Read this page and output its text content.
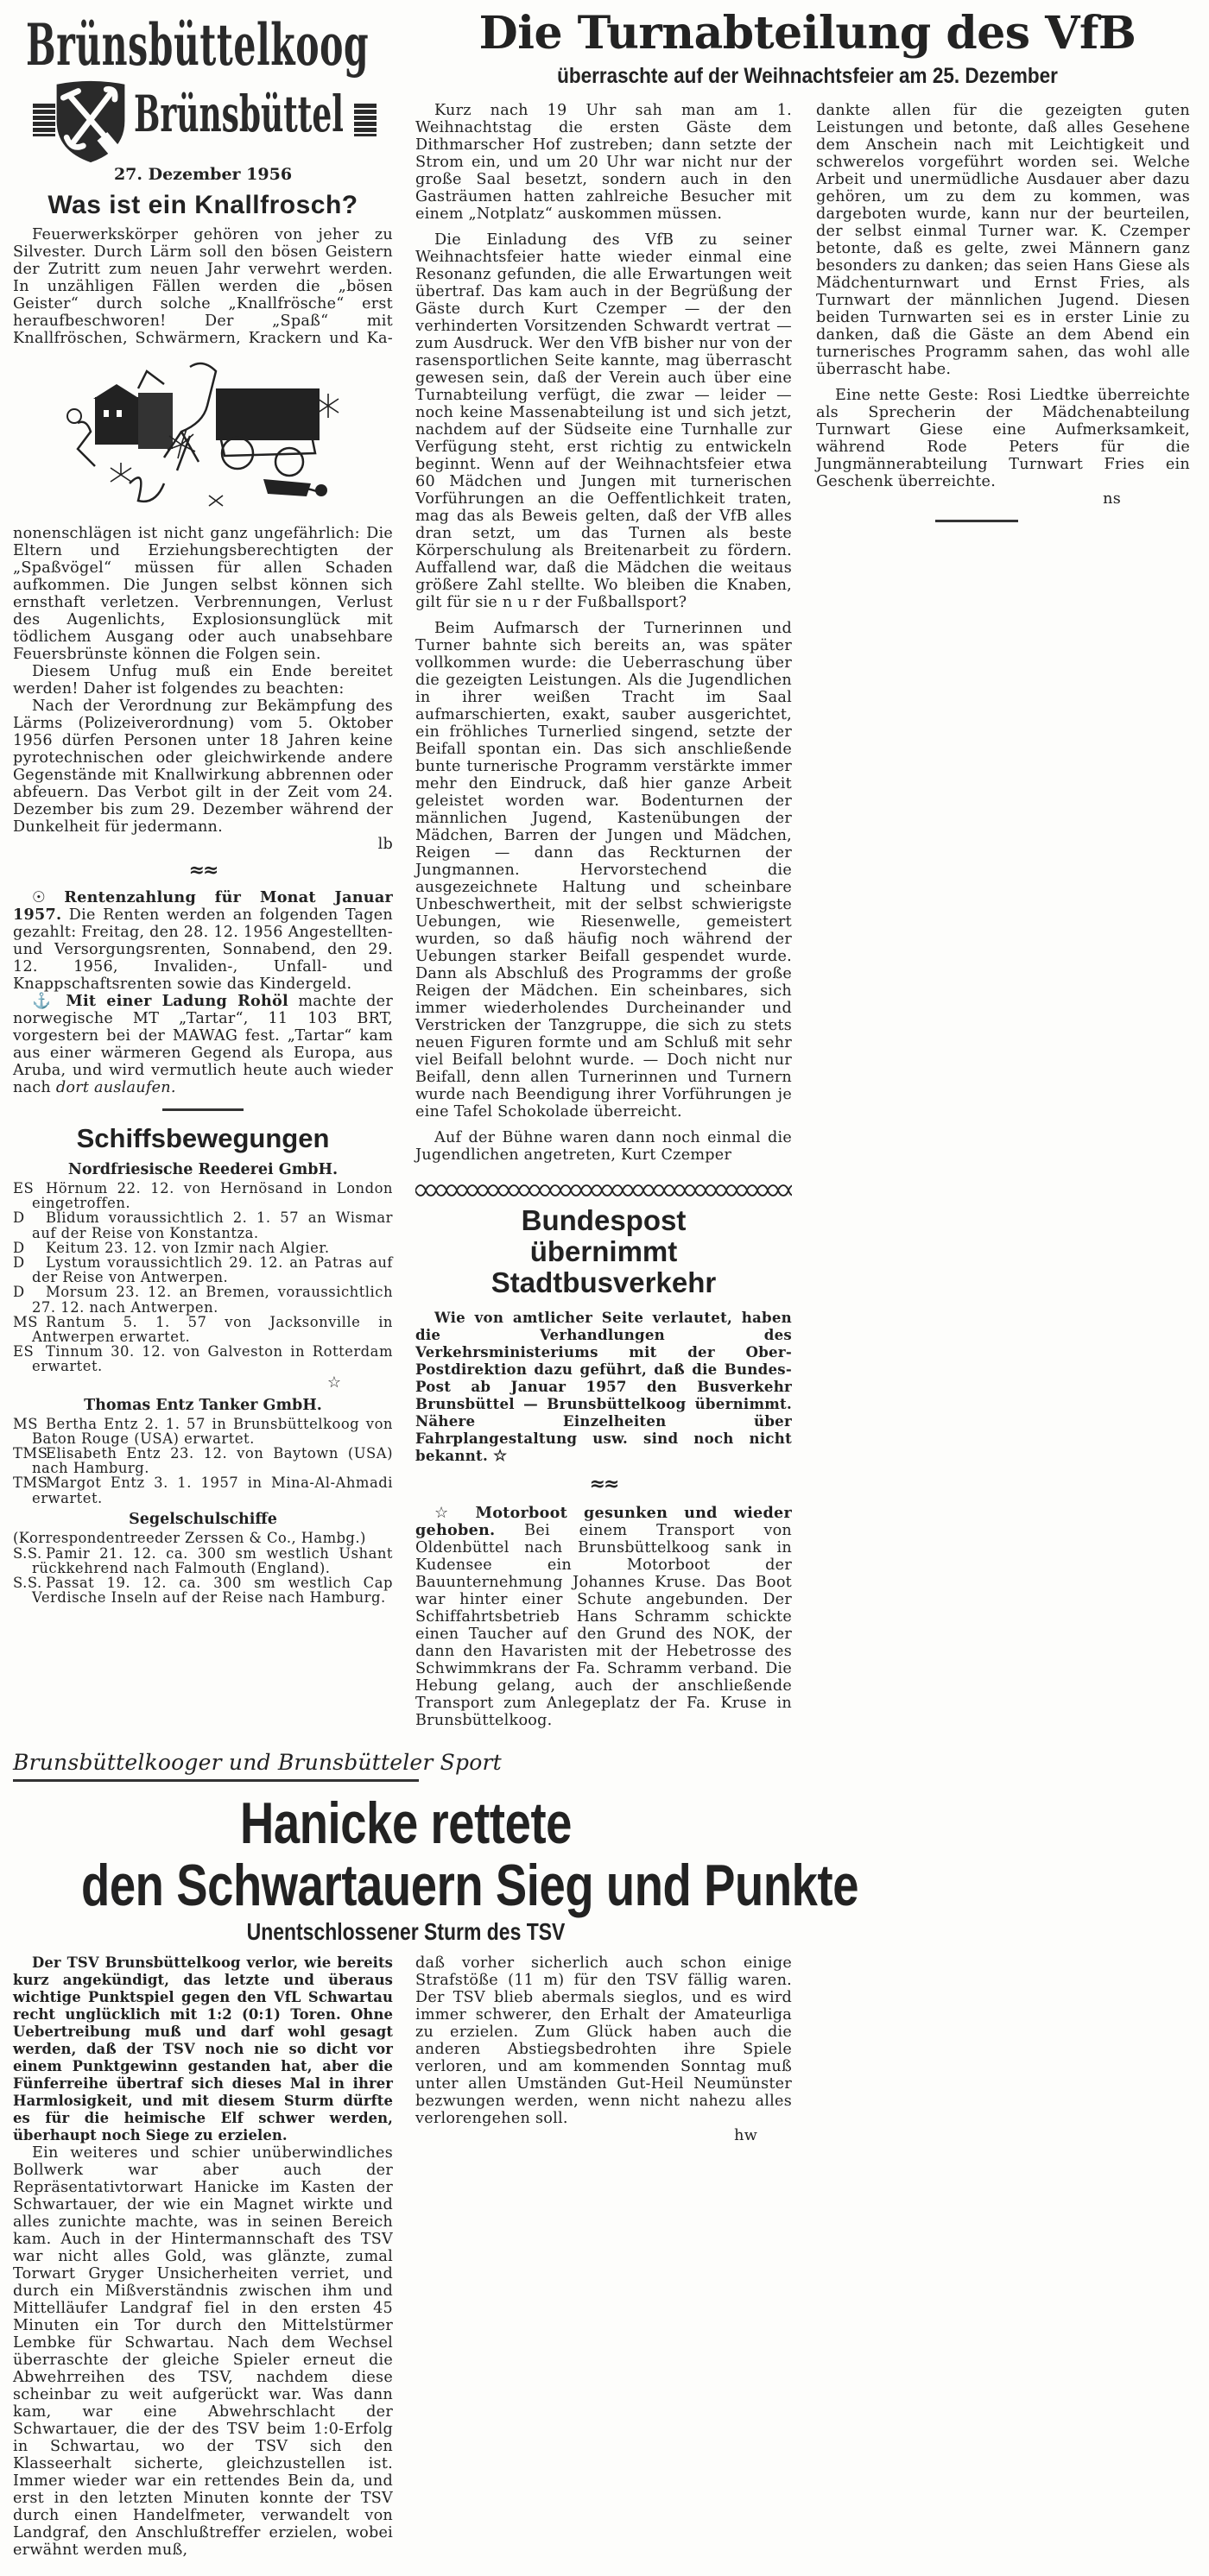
Brünsbüttelkoog
Brünsbüttel
27. Dezember 1956
Was ist ein Knallfrosch?

Feuerwerkskörper gehören von jeher zu Silvester. Durch Lärm soll den bösen Geistern der Zutritt zum neuen Jahr verwehrt werden. In unzähligen Fällen werden die „bösen Geister“ durch solche „Knallfrösche“ erst heraufbeschworen! Der „Spaß“ mit Knallfröschen, Schwärmern, Krackern und Ka-

nonenschlägen ist nicht ganz ungefährlich: Die Eltern und Erziehungsberechtigten der „Spaßvögel“ müssen für allen Schaden aufkommen. Die Jungen selbst können sich ernsthaft verletzen. Verbrennungen, Verlust des Augenlichts, Explosionsunglück mit tödlichem Ausgang oder auch unabsehbare Feuersbrünste können die Folgen sein.

Diesem Unfug muß ein Ende bereitet werden! Daher ist folgendes zu beachten:

Nach der Verordnung zur Bekämpfung des Lärms (Polizeiverordnung) vom 5. Oktober 1956 dürfen Personen unter 18 Jahren keine pyrotechnischen oder gleichwirkende andere Gegenstände mit Knallwirkung abbrennen oder abfeuern. Das Verbot gilt in der Zeit vom 24. Dezember bis zum 29. Dezember während der Dunkelheit für jedermann.

lb
≈≈

☉ Rentenzahlung für Monat Januar 1957. Die Renten werden an folgenden Tagen gezahlt: Freitag, den 28. 12. 1956 Angestellten- und Versorgungsrenten, Sonnabend, den 29. 12. 1956, Invaliden-, Unfall- und Knappschaftsrenten sowie das Kindergeld.

⚓ Mit einer Ladung Rohöl machte der norwegische MT „Tartar“, 11 103 BRT, vorgestern bei der MAWAG fest. „Tartar“ kam aus einer wärmeren Gegend als Europa, aus Aruba, und wird vermutlich heute auch wieder nach dort auslaufen.

Schiffsbewegungen
Nordfriesische Reederei GmbH.

ES Hörnum 22. 12. von Hernösand in London eingetroffen.

D Blidum voraussichtlich 2. 1. 57 an Wismar auf der Reise von Konstantza.

D Keitum 23. 12. von Izmir nach Algier.

D Lystum voraussichtlich 29. 12. an Patras auf der Reise von Antwerpen.

D Morsum 23. 12. an Bremen, voraussichtlich 27. 12. nach Antwerpen.

MS Rantum 5. 1. 57 von Jacksonville in Antwerpen erwartet.

ES Tinnum 30. 12. von Galveston in Rotterdam erwartet.

☆
Thomas Entz Tanker GmbH.

MS Bertha Entz 2. 1. 57 in Brunsbüttelkoog von Baton Rouge (USA) erwartet.

TMSElisabeth Entz 23. 12. von Baytown (USA) nach Hamburg.

TMSMargot Entz 3. 1. 1957 in Mina-Al-Ahmadi erwartet.

Segelschulschiffe

(Korrespondentreeder Zerssen & Co., Hambg.)

S.S. Pamir 21. 12. ca. 300 sm westlich Ushant rückkehrend nach Falmouth (England).

S.S. Passat 19. 12. ca. 300 sm westlich Cap Verdische Inseln auf der Reise nach Hamburg.

Die Turnabteilung des VfB
überraschte auf der Weihnachtsfeier am 25. Dezember

Kurz nach 19 Uhr sah man am 1. Weihnachtstag die ersten Gäste dem Dithmarscher Hof zustreben; dann setzte der Strom ein, und um 20 Uhr war nicht nur der große Saal besetzt, sondern auch in den Gasträumen hatten zahlreiche Besucher mit einem „Notplatz“ auskommen müssen.

Die Einladung des VfB zu seiner Weihnachtsfeier hatte wieder einmal eine Resonanz gefunden, die alle Erwartungen weit übertraf. Das kam auch in der Begrüßung der Gäste durch Kurt Czemper — der den verhinderten Vorsitzenden Schwardt vertrat — zum Ausdruck. Wer den VfB bisher nur von der rasensportlichen Seite kannte, mag überrascht gewesen sein, daß der Verein auch über eine Turnabteilung verfügt, die zwar — leider — noch keine Massenabteilung ist und sich jetzt, nachdem auf der Südseite eine Turnhalle zur Verfügung steht, erst richtig zu entwickeln beginnt. Wenn auf der Weihnachtsfeier etwa 60 Mädchen und Jungen mit turnerischen Vorführungen an die Oeffentlichkeit traten, mag das als Beweis gelten, daß der VfB alles dran setzt, um das Turnen als beste Körperschulung als Breitenarbeit zu fördern. Auffallend war, daß die Mädchen die weitaus größere Zahl stellte. Wo bleiben die Knaben, gilt für sie n u r der Fußballsport?

Beim Aufmarsch der Turnerinnen und Turner bahnte sich bereits an, was später vollkommen wurde: die Ueberraschung über die gezeigten Leistungen. Als die Jugendlichen in ihrer weißen Tracht im Saal aufmarschierten, exakt, sauber ausgerichtet, ein fröhliches Turnerlied singend, setzte der Beifall spontan ein. Das sich anschließende bunte turnerische Programm verstärkte immer mehr den Eindruck, daß hier ganze Arbeit geleistet worden war. Bodenturnen der männlichen Jugend, Kastenübungen der Mädchen, Barren der Jungen und Mädchen, Reigen — dann das Reckturnen der Jungmannen. Hervorstechend die ausgezeichnete Haltung und scheinbare Unbeschwertheit, mit der selbst schwierigste Uebungen, wie Riesenwelle, gemeistert wurden, so daß häufig noch während der Uebungen starker Beifall gespendet wurde. Dann als Abschluß des Programms der große Reigen der Mädchen. Ein scheinbares, sich immer wiederholendes Durcheinander und Verstricken der Tanzgruppe, die sich zu stets neuen Figuren formte und am Schluß mit sehr viel Beifall belohnt wurde. — Doch nicht nur Beifall, denn allen Turnerinnen und Turnern wurde nach Beendigung ihrer Vorführungen je eine Tafel Schokolade überreicht.

Auf der Bühne waren dann noch einmal die Jugendlichen angetreten, Kurt Czemper

Bundespost
übernimmt Stadtbusverkehr

Wie von amtlicher Seite verlautet, haben die Verhandlungen des Verkehrsministeriums mit der Ober-Postdirektion dazu geführt, daß die Bundes-Post ab Januar 1957 den Busverkehr Brunsbüttel — Brunsbüttelkoog übernimmt. Nähere Einzelheiten über Fahrplangestaltung usw. sind noch nicht bekannt. ☆

≈≈

☆ Motorboot gesunken und wieder gehoben. Bei einem Transport von Oldenbüttel nach Brunsbüttelkoog sank in Kudensee ein Motorboot der Bauunternehmung Johannes Kruse. Das Boot war hinter einer Schute angebunden. Der Schiffahrtsbetrieb Hans Schramm schickte einen Taucher auf den Grund des NOK, der dann den Havaristen mit der Hebetrosse des Schwimmkrans der Fa. Schramm verband. Die Hebung gelang, auch der anschließende Transport zum Anlegeplatz der Fa. Kruse in Brunsbüttelkoog.

dankte allen für die gezeigten guten Leistungen und betonte, daß alles Gesehene dem Anschein nach mit Leichtigkeit und schwerelos vorgeführt worden sei. Welche Arbeit und unermüdliche Ausdauer aber dazu gehören, um zu dem zu kommen, was dargeboten wurde, kann nur der beurteilen, der selbst einmal Turner war. K. Czemper betonte, daß es gelte, zwei Männern ganz besonders zu danken; das seien Hans Giese als Mädchenturnwart und Ernst Fries, als Turnwart der männlichen Jugend. Diesen beiden Turnwarten sei es in erster Linie zu danken, daß die Gäste an dem Abend ein turnerisches Programm sahen, das wohl alle überrascht habe.

Eine nette Geste: Rosi Liedtke überreichte als Sprecherin der Mädchenabteilung Turnwart Giese eine Aufmerksamkeit, während Rode Peters für die Jungmännerabteilung Turnwart Fries ein Geschenk überreichte.

ns
Brunsbüttelkooger und Brunsbütteler Sport
Hanicke rettete
den Schwartauern Sieg und Punkte
Unentschlossener Sturm des TSV

Der TSV Brunsbüttelkoog verlor, wie bereits kurz angekündigt, das letzte und überaus wichtige Punktspiel gegen den VfL Schwartau recht unglücklich mit 1:2 (0:1) Toren. Ohne Uebertreibung muß und darf wohl gesagt werden, daß der TSV noch nie so dicht vor einem Punktgewinn gestanden hat, aber die Fünferreihe übertraf sich dieses Mal in ihrer Harmlosigkeit, und mit diesem Sturm dürfte es für die heimische Elf schwer werden, überhaupt noch Siege zu erzielen.

Ein weiteres und schier unüberwindliches Bollwerk war aber auch der Repräsentativtorwart Hanicke im Kasten der Schwartauer, der wie ein Magnet wirkte und alles zunichte machte, was in seinen Bereich kam. Auch in der Hintermannschaft des TSV war nicht alles Gold, was glänzte, zumal Torwart Gryger Unsicherheiten verriet, und durch ein Mißverständnis zwischen ihm und Mittelläufer Landgraf fiel in den ersten 45 Minuten ein Tor durch den Mittelstürmer Lembke für Schwartau. Nach dem Wechsel überraschte der gleiche Spieler erneut die Abwehrreihen des TSV, nachdem diese scheinbar zu weit aufgerückt war. Was dann kam, war eine Abwehrschlacht der Schwartauer, die der des TSV beim 1:0-Erfolg in Schwartau, wo der TSV sich den Klasseerhalt sicherte, gleichzustellen ist. Immer wieder war ein rettendes Bein da, und erst in den letzten Minuten konnte der TSV durch einen Handelfmeter, verwandelt von Landgraf, den Anschlußtreffer erzielen, wobei erwähnt werden muß,

daß vorher sicherlich auch schon einige Strafstöße (11 m) für den TSV fällig waren. Der TSV blieb abermals sieglos, und es wird immer schwerer, den Erhalt der Amateurliga zu erzielen. Zum Glück haben auch die anderen Abstiegsbedrohten ihre Spiele verloren, und am kommenden Sonntag muß unter allen Umständen Gut-Heil Neumünster bezwungen werden, wenn nicht nahezu alles verlorengehen soll.

hw
